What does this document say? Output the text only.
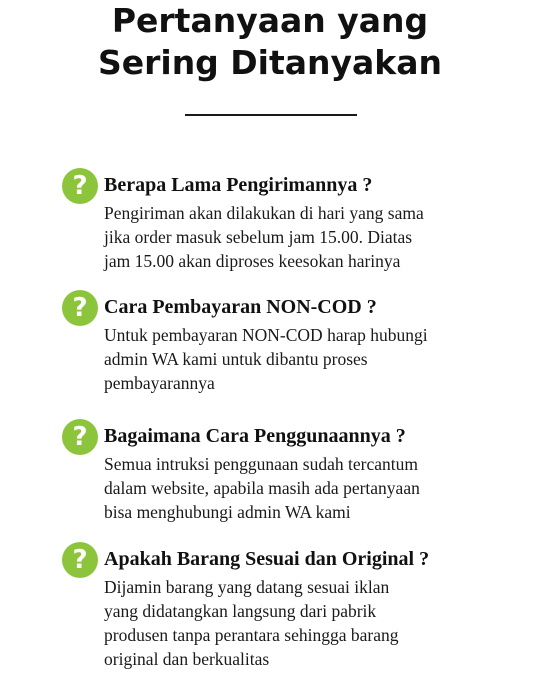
Pertanyaan yang
Sering Ditanyakan
? Berapa Lama Pengirimannya ?
Pengiriman akan dilakukan di hari yang sama
jika order masuk sebelum jam 15.00. Diatas
jam 15.00 akan diproses keesokan harinya
? Cara Pembayaran NON-COD ?
Untuk pembayaran NON-COD harap hubungi
admin WA kami untuk dibantu proses
pembayarannya
? Bagaimana Cara Penggunaannya ?
Semua intruksi penggunaan sudah tercantum
dalam website, apabila masih ada pertanyaan
bisa menghubungi admin WA kami
? Apakah Barang Sesuai dan Original ?
Dijamin barang yang datang sesuai iklan
yang didatangkan langsung dari pabrik
produsen tanpa perantara sehingga barang
original dan berkualitas
